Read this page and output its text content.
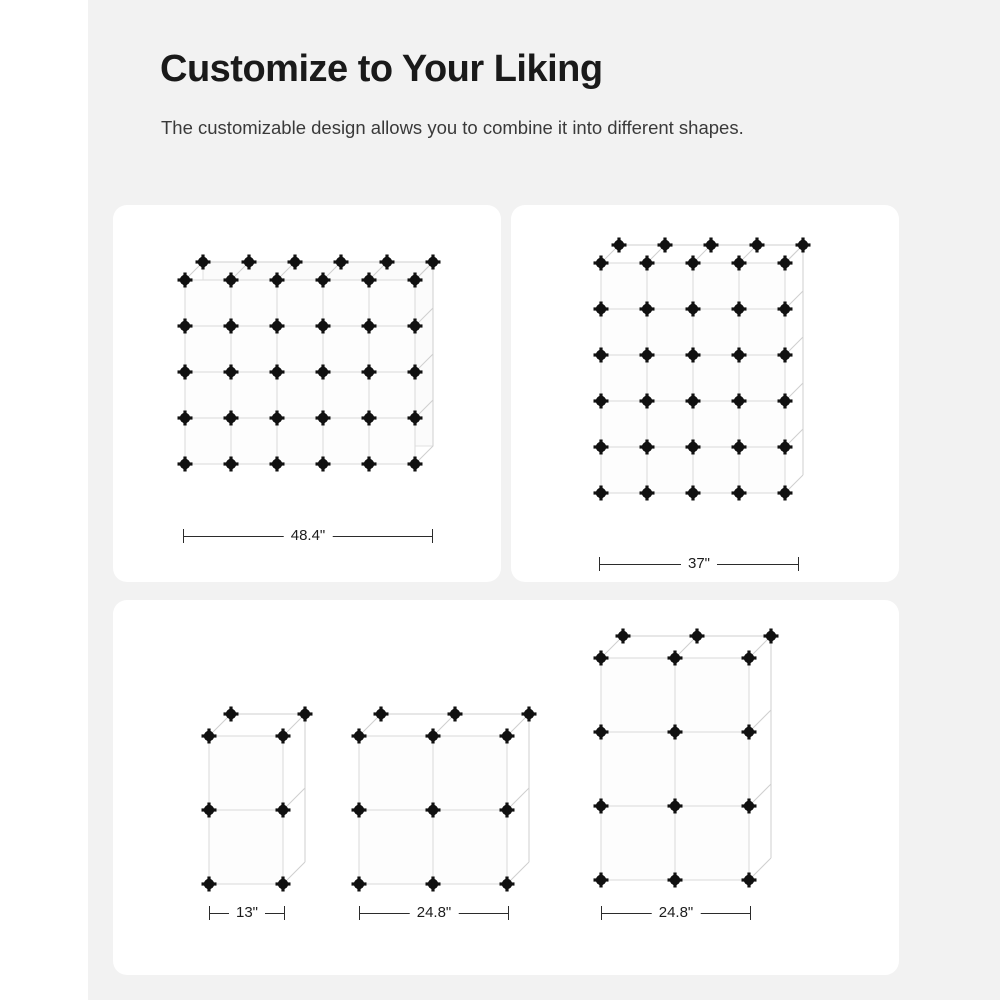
Customize to Your Liking
The customizable design allows you to combine it into different shapes.
48.4"
37"
13"	24.8"	24.8"
